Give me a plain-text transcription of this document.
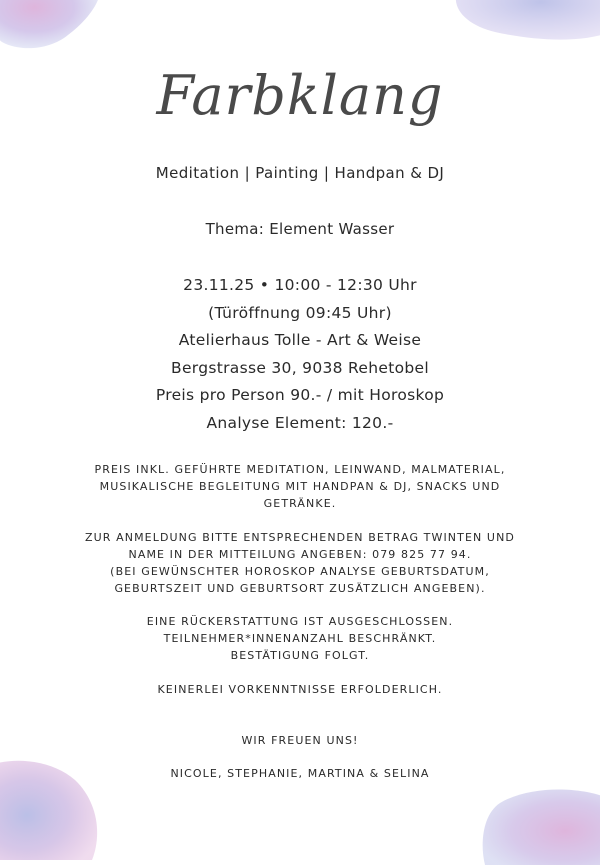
Farbklang

Meditation | Painting | Handpan & DJ

Thema: Element Wasser

23.11.25 • 10:00 - 12:30 Uhr
(Türöffnung 09:45 Uhr)
Atelierhaus Tolle - Art & Weise
Bergstrasse 30, 9038 Rehetobel
Preis pro Person 90.- / mit Horoskop
Analyse Element: 120.-
PREIS INKL. GEFÜHRTE MEDITATION, LEINWAND, MALMATERIAL,
MUSIKALISCHE BEGLEITUNG MIT HANDPAN & DJ, SNACKS UND
GETRÄNKE.
ZUR ANMELDUNG BITTE ENTSPRECHENDEN BETRAG TWINTEN UND
NAME IN DER MITTEILUNG ANGEBEN: 079 825 77 94.
(BEI GEWÜNSCHTER HOROSKOP ANALYSE GEBURTSDATUM,
GEBURTSZEIT UND GEBURTSORT ZUSÄTZLICH ANGEBEN).
EINE RÜCKERSTATTUNG IST AUSGESCHLOSSEN.
TEILNEHMER*INNENANZAHL BESCHRÄNKT.
BESTÄTIGUNG FOLGT.
KEINERLEI VORKENNTNISSE ERFOLDERLICH.
WIR FREUEN UNS!
NICOLE, STEPHANIE, MARTINA & SELINA
